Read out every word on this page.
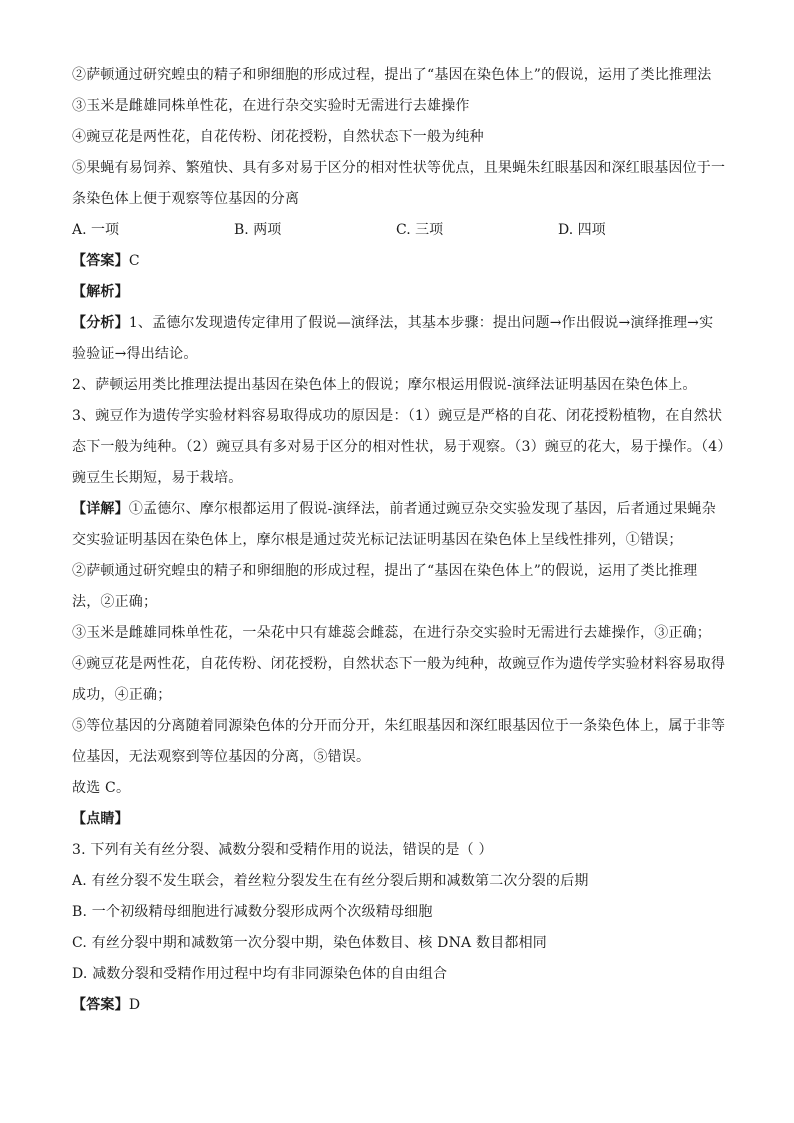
②萨顿通过研究蝗虫的精子和卵细胞的形成过程，提出了“基因在染色体上”的假说，运用了类比推理法
③玉米是雌雄同株单性花，在进行杂交实验时无需进行去雄操作
④豌豆花是两性花，自花传粉、闭花授粉，自然状态下一般为纯种
⑤果蝇有易饲养、繁殖快、具有多对易于区分的相对性状等优点，且果蝇朱红眼基因和深红眼基因位于一
条染色体上便于观察等位基因的分离
A. 一项	B. 两项	C. 三项	D. 四项
【答案】C
【解析】
【分析】1、孟德尔发现遗传定律用了假说—演绎法，其基本步骤：提出问题→作出假说→演绎推理→实
验验证→得出结论。
2、萨顿运用类比推理法提出基因在染色体上的假说；摩尔根运用假说-演绎法证明基因在染色体上。
3、豌豆作为遗传学实验材料容易取得成功的原因是：（1）豌豆是严格的自花、闭花授粉植物，在自然状
态下一般为纯种。（2）豌豆具有多对易于区分的相对性状，易于观察。（3）豌豆的花大，易于操作。（4）
豌豆生长期短，易于栽培。
【详解】①孟德尔、摩尔根都运用了假说-演绎法，前者通过豌豆杂交实验发现了基因，后者通过果蝇杂
交实验证明基因在染色体上，摩尔根是通过荧光标记法证明基因在染色体上呈线性排列，①错误；
②萨顿通过研究蝗虫的精子和卵细胞的形成过程，提出了“基因在染色体上”的假说，运用了类比推理
法，②正确；
③玉米是雌雄同株单性花，一朵花中只有雄蕊会雌蕊，在进行杂交实验时无需进行去雄操作，③正确；
④豌豆花是两性花，自花传粉、闭花授粉，自然状态下一般为纯种，故豌豆作为遗传学实验材料容易取得
成功，④正确；
⑤等位基因的分离随着同源染色体的分开而分开，朱红眼基因和深红眼基因位于一条染色体上，属于非等
位基因，无法观察到等位基因的分离，⑤错误。
故选 C。
【点睛】
3. 下列有关有丝分裂、减数分裂和受精作用的说法，错误的是（ ）
A. 有丝分裂不发生联会，着丝粒分裂发生在有丝分裂后期和减数第二次分裂的后期
B. 一个初级精母细胞进行减数分裂形成两个次级精母细胞
C. 有丝分裂中期和减数第一次分裂中期，染色体数目、核 DNA 数目都相同
D. 减数分裂和受精作用过程中均有非同源染色体的自由组合
【答案】D
